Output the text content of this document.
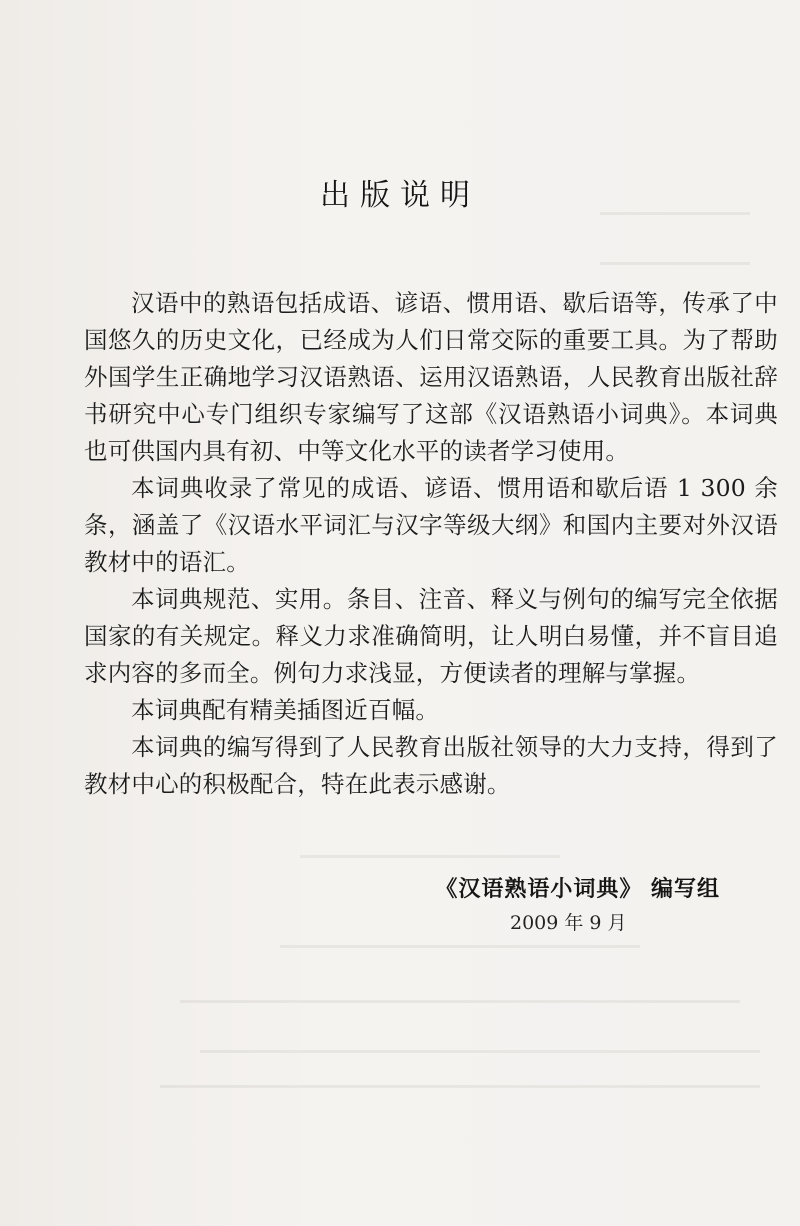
出版说明

汉语中的熟语包括成语、谚语、惯用语、歇后语等，传承了中国悠久的历史文化，已经成为人们日常交际的重要工具。为了帮助外国学生正确地学习汉语熟语、运用汉语熟语，人民教育出版社辞书研究中心专门组织专家编写了这部《汉语熟语小词典》。本词典也可供国内具有初、中等文化水平的读者学习使用。

本词典收录了常见的成语、谚语、惯用语和歇后语 1 300 余条，涵盖了《汉语水平词汇与汉字等级大纲》和国内主要对外汉语教材中的语汇。

本词典规范、实用。条目、注音、释义与例句的编写完全依据国家的有关规定。释义力求准确简明，让人明白易懂，并不盲目追求内容的多而全。例句力求浅显，方便读者的理解与掌握。

本词典配有精美插图近百幅。

本词典的编写得到了人民教育出版社领导的大力支持，得到了教材中心的积极配合，特在此表示感谢。

《汉语熟语小词典》 编写组
2009 年 9 月
